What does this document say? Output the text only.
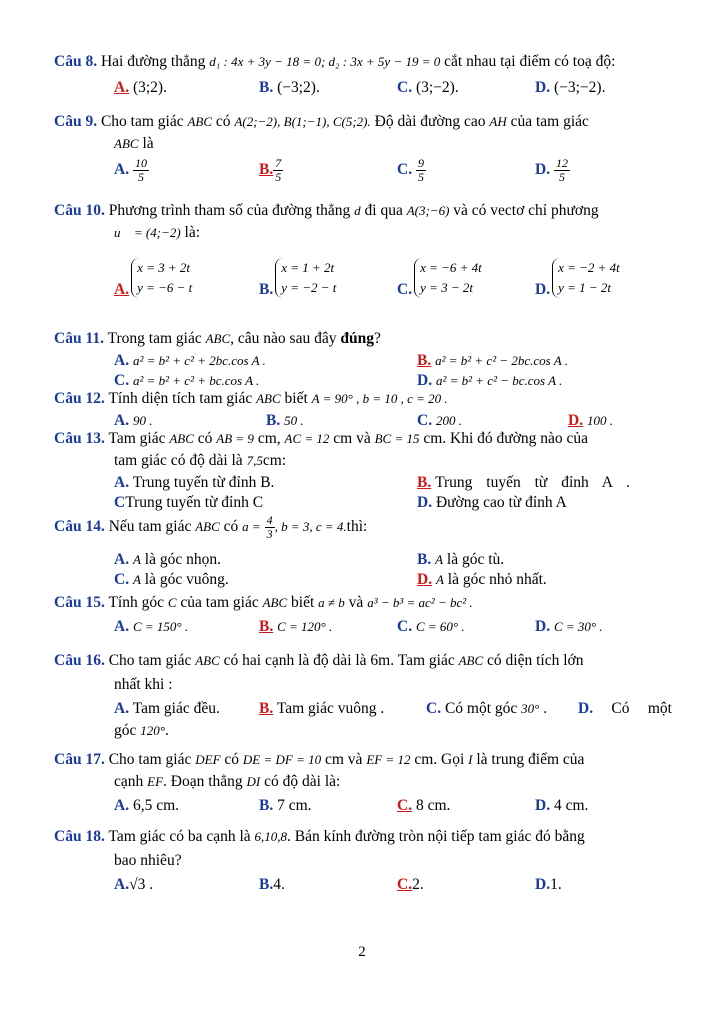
Câu 8. Hai đường thẳng d₁ : 4x + 3y − 18 = 0; d₂ : 3x + 5y − 19 = 0 cắt nhau tại điểm có toạ độ:
A. (3;2).	B. (−3;2).	C. (3;−2).	D. (−3;−2).
Câu 9. Cho tam giác ABC có A(2;−2), B(1;−1), C(5;2). Độ dài đường cao AH của tam giác
ABC là
A. $\frac{10}{5}$	B. $\frac{7}{5}$	C. $\frac{9}{5}$	D. $\frac{12}{5}$
Câu 10. Phương trình tham số của đường thẳng d đi qua A(3;−6) và có vectơ chỉ phương
u⃗ = (4;−2) là:
A.x = 3 + 2t
y = −6 − t	B.x = 1 + 2t
y = −2 − t	C.x = −6 + 4t
y = 3 − 2t	D.x = −2 + 4t
y = 1 − 2t
Câu 11. Trong tam giác ABC, câu nào sau đây đúng?
A. a² = b² + c² + 2bc.cos A .	B. a² = b² + c² − 2bc.cos A .
C. a² = b² + c² + bc.cos A .	D. a² = b² + c² − bc.cos A .
Câu 12. Tính diện tích tam giác ABC biết A = 90° , b = 10 , c = 20 .
A. 90 .	B. 50 .	C. 200 .	D. 100 .
Câu 13. Tam giác ABC có AB = 9 cm, AC = 12 cm và BC = 15 cm. Khi đó đường nào của
tam giác có độ dài là 7,5cm:
A. Trung tuyến từ đỉnh B.	B. Trung tuyến từ đỉnh A .
CTrung tuyến từ đỉnh C	D. Đường cao từ đỉnh A
Câu 14. Nếu tam giác ABC có $a = \frac{4}{3}$ , b = 3, c = 4.thì:
A. A là góc nhọn.	B. A là góc tù.
C. A là góc vuông.	D. A là góc nhỏ nhất.
Câu 15. Tính góc C của tam giác ABC biết a ≠ b và a³ − b³ = ac² − bc² .
A. C = 150° .	B. C = 120° .	C. C = 60° .	D. C = 30° .
Câu 16. Cho tam giác ABC có hai cạnh là độ dài là 6m. Tam giác ABC có diện tích lớn
nhất khi :
A. Tam giác đều.	B. Tam giác vuông .	C. Có một góc 30° . D. Có một
góc 120°.
Câu 17. Cho tam giác DEF có DE = DF = 10 cm và EF = 12 cm. Gọi I là trung điểm của
cạnh EF. Đoạn thẳng DI có độ dài là:
A. 6,5 cm.	B. 7 cm.	C. 8 cm.	D. 4 cm.
Câu 18. Tam giác có ba cạnh là 6,10,8. Bán kính đường tròn nội tiếp tam giác đó bằng
bao nhiêu?
A.√3 .	B.4.	C.2.	D.1.
2
